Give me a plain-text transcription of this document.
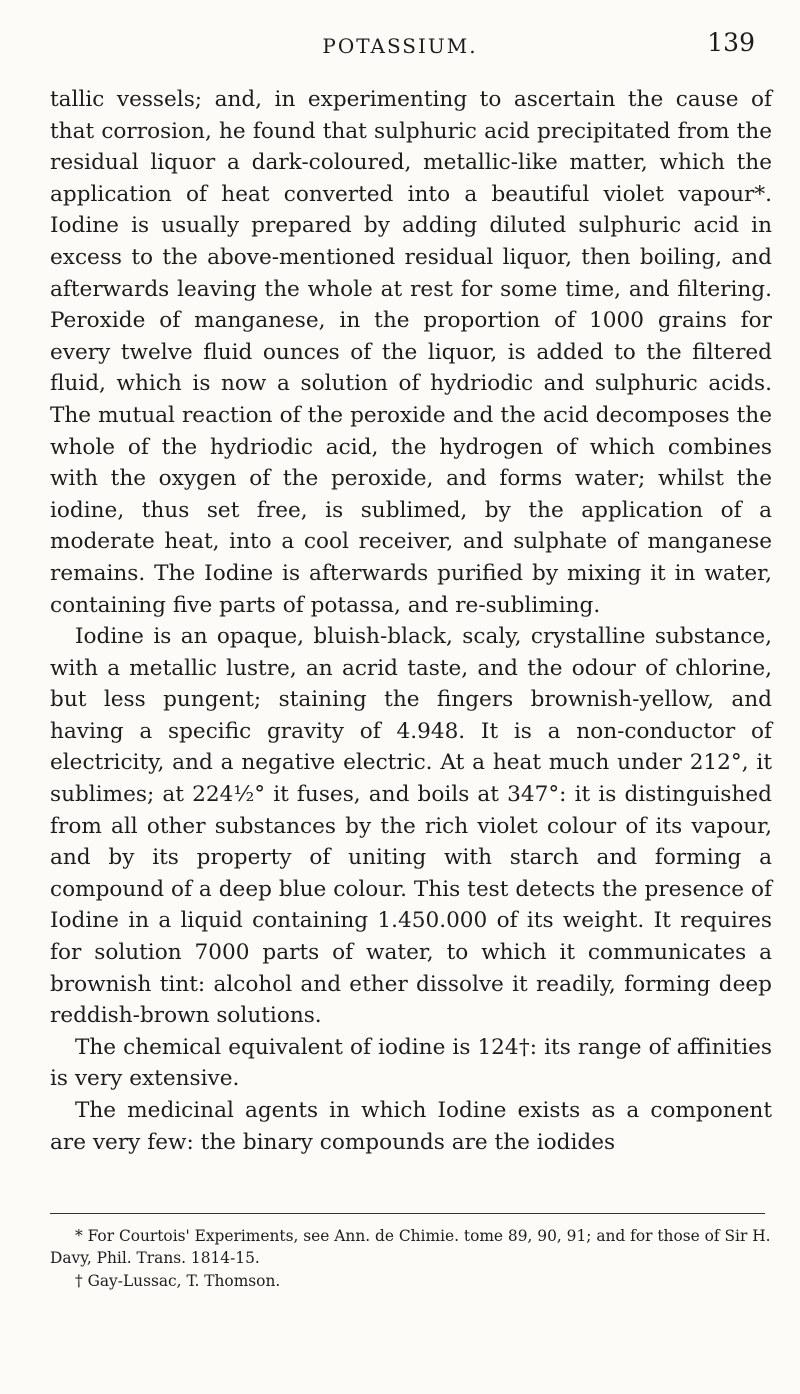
POTASSIUM.	139

tallic vessels; and, in experimenting to ascertain the cause of that corrosion, he found that sulphuric acid precipitated from the residual liquor a dark-coloured, metallic-like matter, which the application of heat converted into a beautiful violet vapour*. Iodine is usually prepared by adding diluted sulphuric acid in excess to the above-mentioned residual liquor, then boiling, and afterwards leaving the whole at rest for some time, and filtering. Peroxide of manganese, in the proportion of 1000 grains for every twelve fluid ounces of the liquor, is added to the filtered fluid, which is now a solution of hydriodic and sulphuric acids. The mutual reaction of the peroxide and the acid decomposes the whole of the hydriodic acid, the hydrogen of which combines with the oxygen of the peroxide, and forms water; whilst the iodine, thus set free, is sublimed, by the application of a moderate heat, into a cool receiver, and sulphate of manganese remains. The Iodine is afterwards purified by mixing it in water, containing five parts of potassa, and re-subliming.

Iodine is an opaque, bluish-black, scaly, crystalline substance, with a metallic lustre, an acrid taste, and the odour of chlorine, but less pungent; staining the fingers brownish-yellow, and having a specific gravity of 4.948. It is a non-conductor of electricity, and a negative electric. At a heat much under 212°, it sublimes; at 224½° it fuses, and boils at 347°: it is distinguished from all other substances by the rich violet colour of its vapour, and by its property of uniting with starch and forming a compound of a deep blue colour. This test detects the presence of Iodine in a liquid containing 1.450.000 of its weight. It requires for solution 7000 parts of water, to which it communicates a brownish tint: alcohol and ether dissolve it readily, forming deep reddish-brown solutions.

The chemical equivalent of iodine is 124†: its range of affinities is very extensive.

The medicinal agents in which Iodine exists as a component are very few: the binary compounds are the iodides

* For Courtois' Experiments, see Ann. de Chimie. tome 89, 90, 91; and for those of Sir H. Davy, Phil. Trans. 1814-15.

† Gay-Lussac, T. Thomson.
